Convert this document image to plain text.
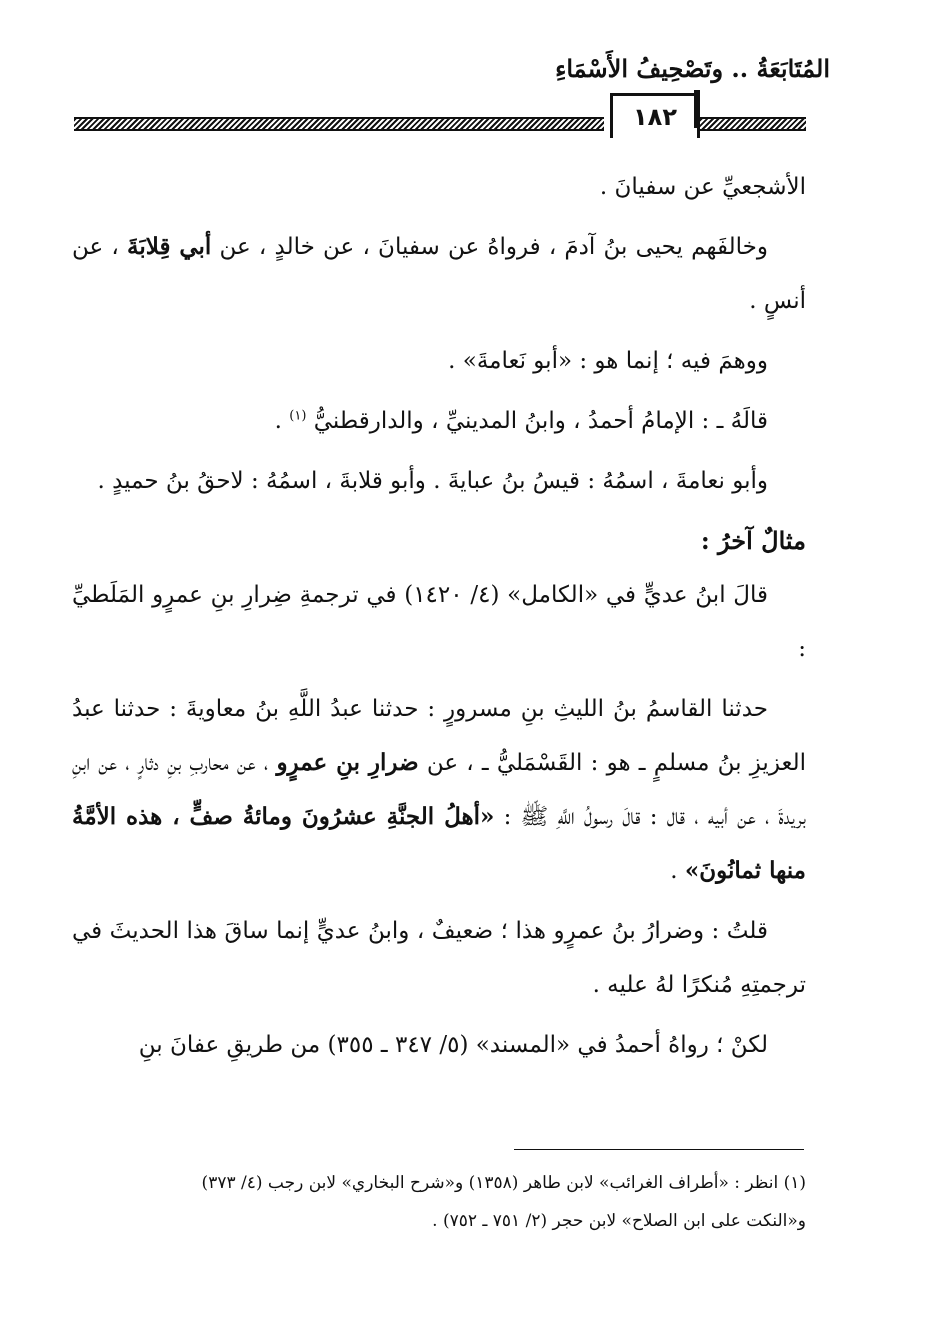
المُتَابَعَةُ .. وتَصْحِيفُ الأَسْمَاءِ
١٨٢

الأشجعيِّ عن سفيانَ .

وخالفَهم يحيى بنُ آدمَ ، فرواهُ عن سفيانَ ، عن خالدٍ ، عن أبي قِلابَةَ ، عن أنسٍ .

ووهمَ فيه ؛ إنما هو : «أبو نَعامةَ» .

قالَهُ ـ : الإمامُ أحمدُ ، وابنُ المدينيِّ ، والدارقطنيُّ $^{(١)}$ .

وأبو نعامةَ ، اسمُهُ : قيسُ بنُ عبايةَ . وأبو قلابةَ ، اسمُهُ : لاحقُ بنُ حميدٍ .

مثالٌ آخرُ :

قالَ ابنُ عديٍّ في «الكامل» (٤/ ١٤٢٠) في ترجمةِ ضِرارِ بنِ عمرٍو المَلَطيِّ :

حدثنا القاسمُ بنُ الليثِ بنِ مسرورٍ : حدثنا عبدُ اللَّهِ بنُ معاويةَ : حدثنا عبدُ العزيزِ بنُ مسلمٍ ـ هو : القَسْمَليُّ ـ ، عن ضرارِ بنِ عمرٍو ، عن محاربِ بنِ دثارٍ ، عن ابنِ بريدةَ ، عن أبيه ، قال : قالَ رسولُ اللَّهِ ﷺ : «أهلُ الجنَّةِ عشرُونَ ومائةُ صفٍّ ، هذه الأمَّةُ منها ثمانُونَ» .

قلتُ : وضرارُ بنُ عمرٍو هذا ؛ ضعيفٌ ، وابنُ عديٍّ إنما ساقَ هذا الحديثَ في ترجمتِهِ مُنكرًا لهُ عليه .

لكنْ ؛ رواهُ أحمدُ في «المسند» (٥/ ٣٤٧ ـ ٣٥٥) من طريقِ عفانَ بنِ

(١) انظر : «أطراف الغرائب» لابن طاهر (١٣٥٨) و«شرح البخاري» لابن رجب (٤/ ٣٧٣)
و«النكت على ابن الصلاح» لابن حجر (٢/ ٧٥١ ـ ٧٥٢) .
